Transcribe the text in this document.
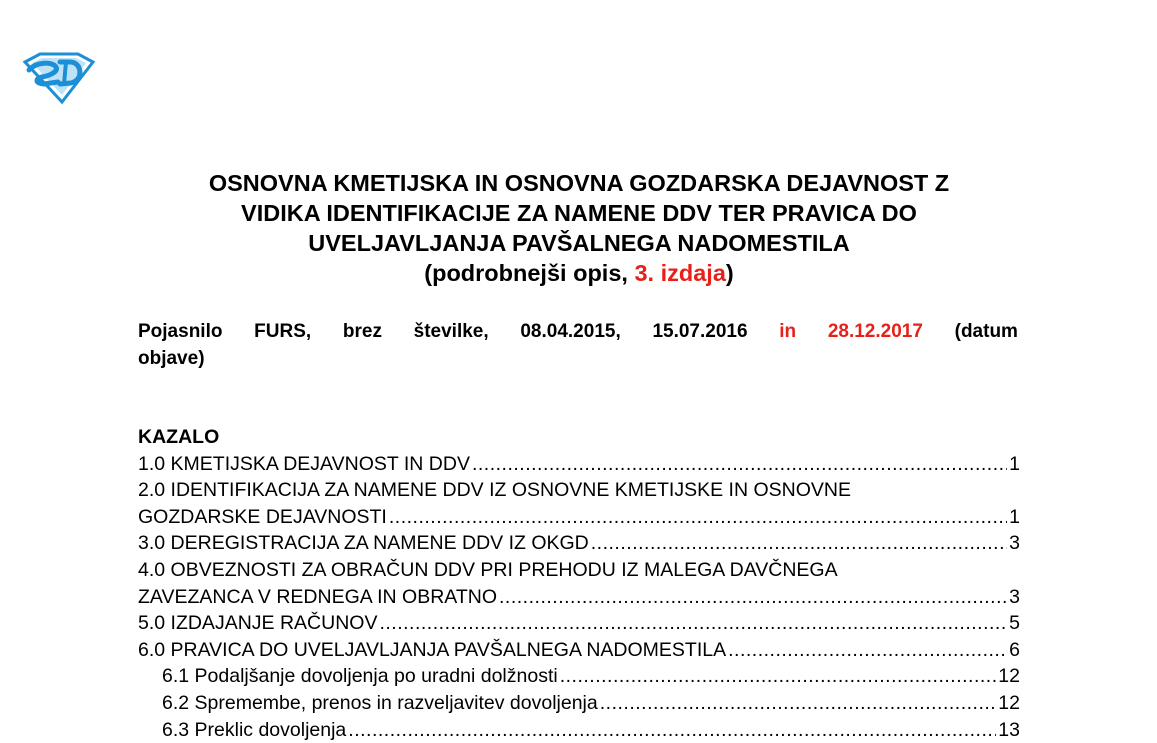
OSNOVNA KMETIJSKA IN OSNOVNA GOZDARSKA DEJAVNOST Z
VIDIKA IDENTIFIKACIJE ZA NAMENE DDV TER PRAVICA DO
UVELJAVLJANJA PAVŠALNEGA NADOMESTILA
(podrobnejši opis, 3. izdaja)
Pojasnilo FURS, brez številke, 08.04.2015, 15.07.2016 in 28.12.2017 (datum
objave)
KAZALO
1.0 KMETIJSKA DEJAVNOST IN DDV .....	1
2.0 IDENTIFIKACIJA ZA NAMENE DDV IZ OSNOVNE KMETIJSKE IN OSNOVNE
GOZDARSKE DEJAVNOSTI .....	1
3.0 DEREGISTRACIJA ZA NAMENE DDV IZ OKGD .....	3
4.0 OBVEZNOSTI ZA OBRAČUN DDV PRI PREHODU IZ MALEGA DAVČNEGA
ZAVEZANCA V REDNEGA IN OBRATNO .....	3
5.0 IZDAJANJE RAČUNOV .....	5
6.0 PRAVICA DO UVELJAVLJANJA PAVŠALNEGA NADOMESTILA .....	6
6.1 Podaljšanje dovoljenja po uradni dolžnosti .....	12
6.2 Spremembe, prenos in razveljavitev dovoljenja .....	12
6.3 Preklic dovoljenja .....	13
